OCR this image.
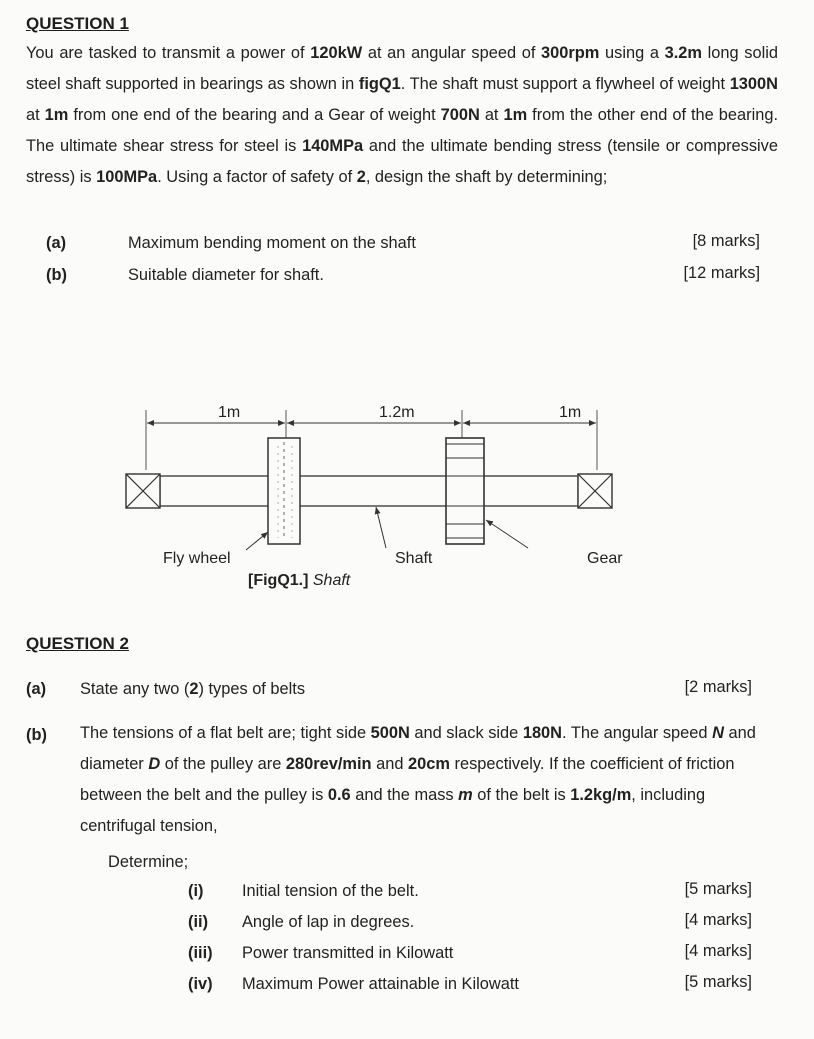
QUESTION 1
You are tasked to transmit a power of 120kW at an angular speed of 300rpm using a 3.2m long solid steel shaft supported in bearings as shown in figQ1. The shaft must support a flywheel of weight 1300N at 1m from one end of the bearing and a Gear of weight 700N at 1m from the other end of the bearing. The ultimate shear stress for steel is 140MPa and the ultimate bending stress (tensile or compressive stress) is 100MPa. Using a factor of safety of 2, design the shaft by determining;
(a)	Maximum bending moment on the shaft	[8 marks]
(b)	Suitable diameter for shaft.	[12 marks]
1m	1.2m	1m
Fly wheel	Shaft	Gear
[FigQ1.] Shaft
QUESTION 2
(a) State any two (2) types of belts	[2 marks]
(b) The tensions of a flat belt are; tight side 500N and slack side 180N. The angular speed N and diameter D of the pulley are 280rev/min and 20cm respectively. If the coefficient of friction between the belt and the pulley is 0.6 and the mass m of the belt is 1.2kg/m, including centrifugal tension,
Determine;
(i) Initial tension of the belt.	[5 marks]
(ii) Angle of lap in degrees.	[4 marks]
(iii) Power transmitted in Kilowatt	[4 marks]
(iv) Maximum Power attainable in Kilowatt	[5 marks]
